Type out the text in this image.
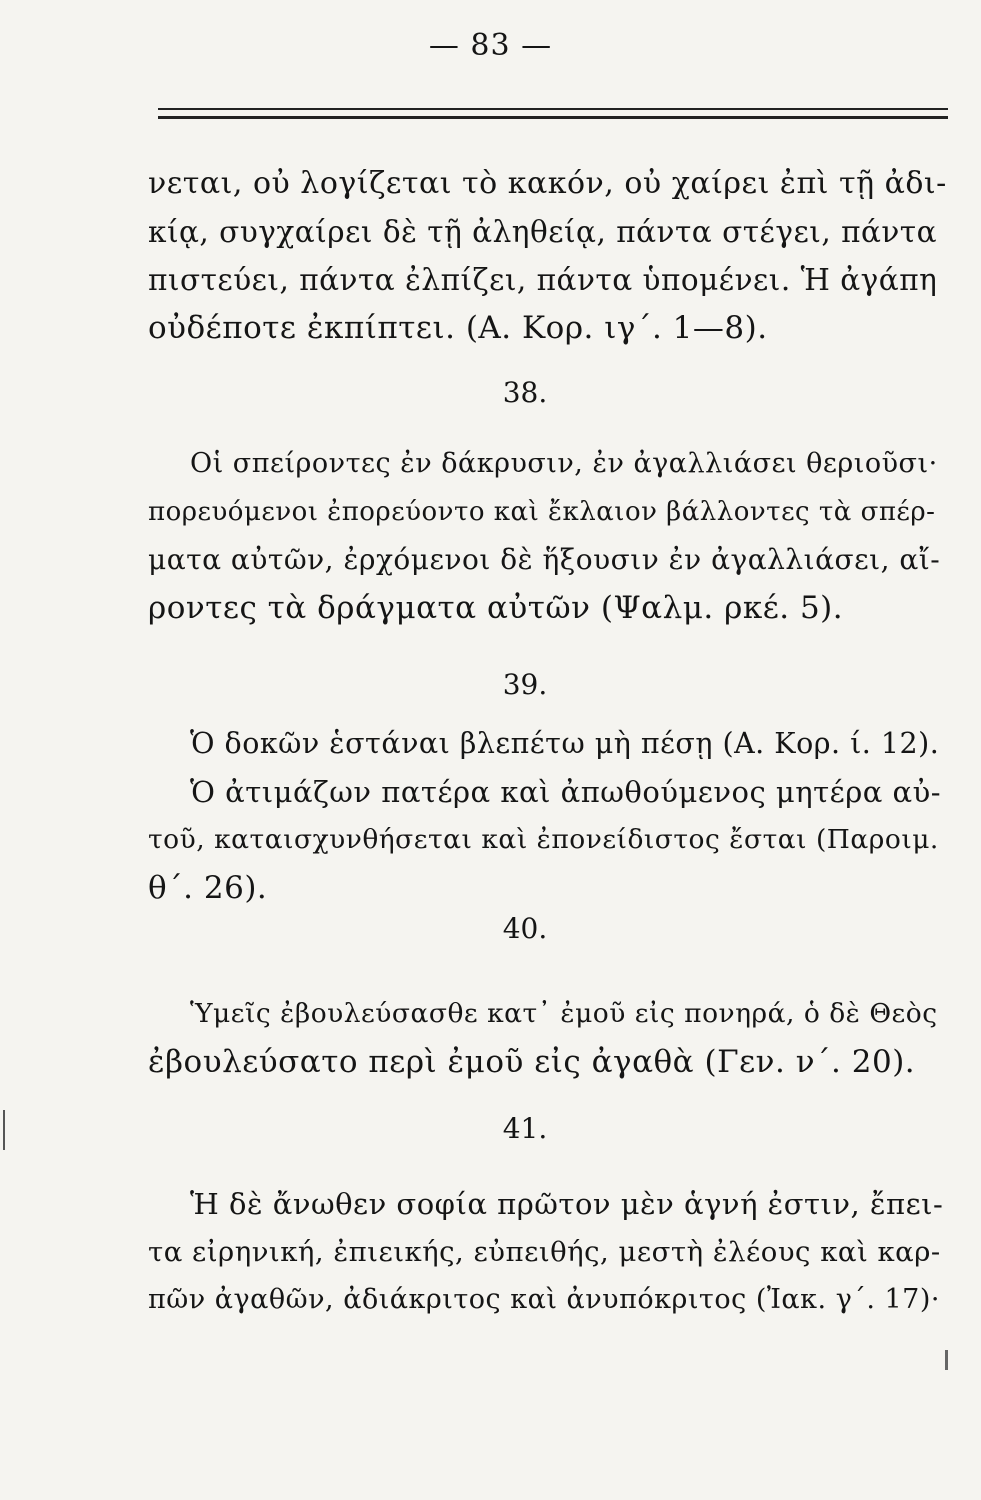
— 83 —
νεται, οὐ λογίζεται τὸ κακόν, οὐ χαίρει ἐπὶ τῇ ἀδι-
κίᾳ, συγχαίρει δὲ τῇ ἀληθείᾳ, πάντα στέγει, πάντα
πιστεύει, πάντα ἐλπίζει, πάντα ὑπομένει. Ἡ ἀγάπη
οὐδέποτε ἐκπίπτει. (Α. Κορ. ιγ΄. 1—8).
38.
Οἱ σπείροντες ἐν δάκρυσιν, ἐν ἀγαλλιάσει θεριοῦσι·
πορευόμενοι ἐπορεύοντο καὶ ἔκλαιον βάλλοντες τὰ σπέρ-
ματα αὐτῶν, ἐρχόμενοι δὲ ἥξουσιν ἐν ἀγαλλιάσει, αἴ-
ροντες τὰ δράγματα αὐτῶν (Ψαλμ. ρκέ. 5).
39.
Ὁ δοκῶν ἑστάναι βλεπέτω μὴ πέσῃ (Α. Κορ. ί. 12).
Ὁ ἀτιμάζων πατέρα καὶ ἀπωθούμενος μητέρα αὐ-
τοῦ, καταισχυνθήσεται καὶ ἐπονείδιστος ἔσται (Παροιμ.
θ΄. 26).
40.
Ὑμεῖς ἐβουλεύσασθε κατ᾽ ἐμοῦ εἰς πονηρά, ὁ δὲ Θεὸς
ἐβουλεύσατο περὶ ἐμοῦ εἰς ἀγαθὰ (Γεν. ν΄. 20).
41.
Ἡ δὲ ἄνωθεν σοφία πρῶτον μὲν ἁγνή ἐστιν, ἔπει-
τα εἰρηνική, ἐπιεικής, εὐπειθής, μεστὴ ἐλέους καὶ καρ-
πῶν ἀγαθῶν, ἀδιάκριτος καὶ ἀνυπόκριτος (Ἰακ. γ΄. 17)·
